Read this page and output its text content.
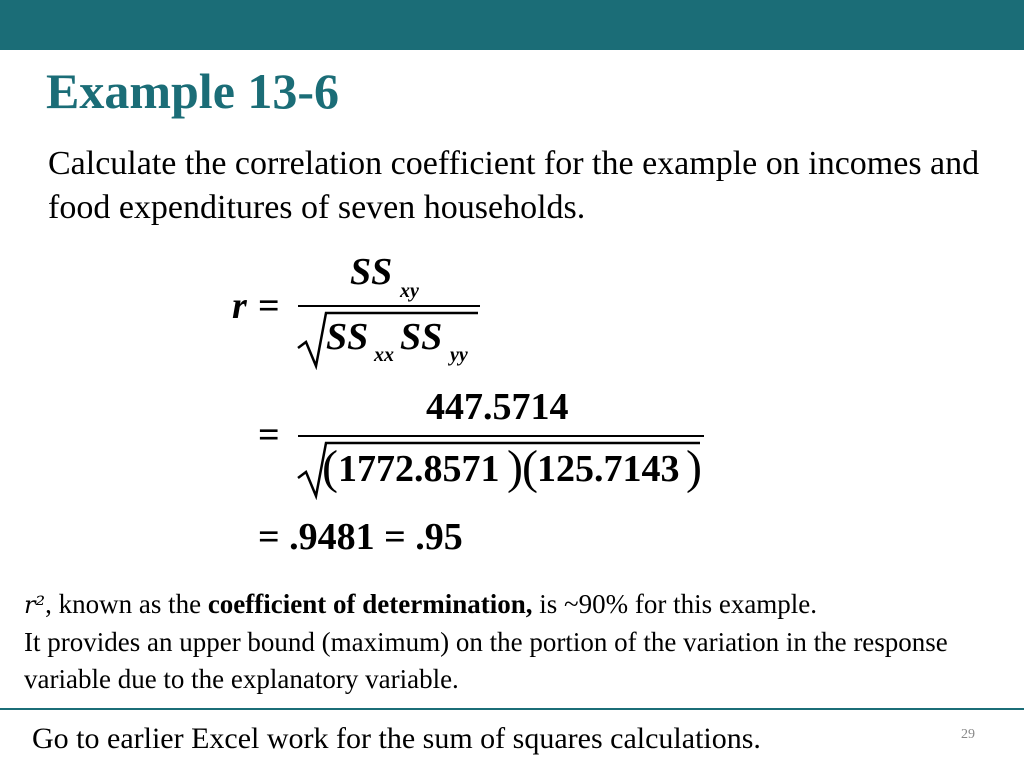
Example 13-6

Calculate the correlation coefficient for the example on incomes and food expenditures of seven households.

r =
SS xy
SS xx SS yy
447.5714
=
( 1772.8571 ) ( 125.7143 )
= .9481 = .95

r², known as the coefficient of determination, is ~90% for this example.
It provides an upper bound (maximum) on the portion of the variation in the response variable due to the explanatory variable.

Go to earlier Excel work for the sum of squares calculations.	29
